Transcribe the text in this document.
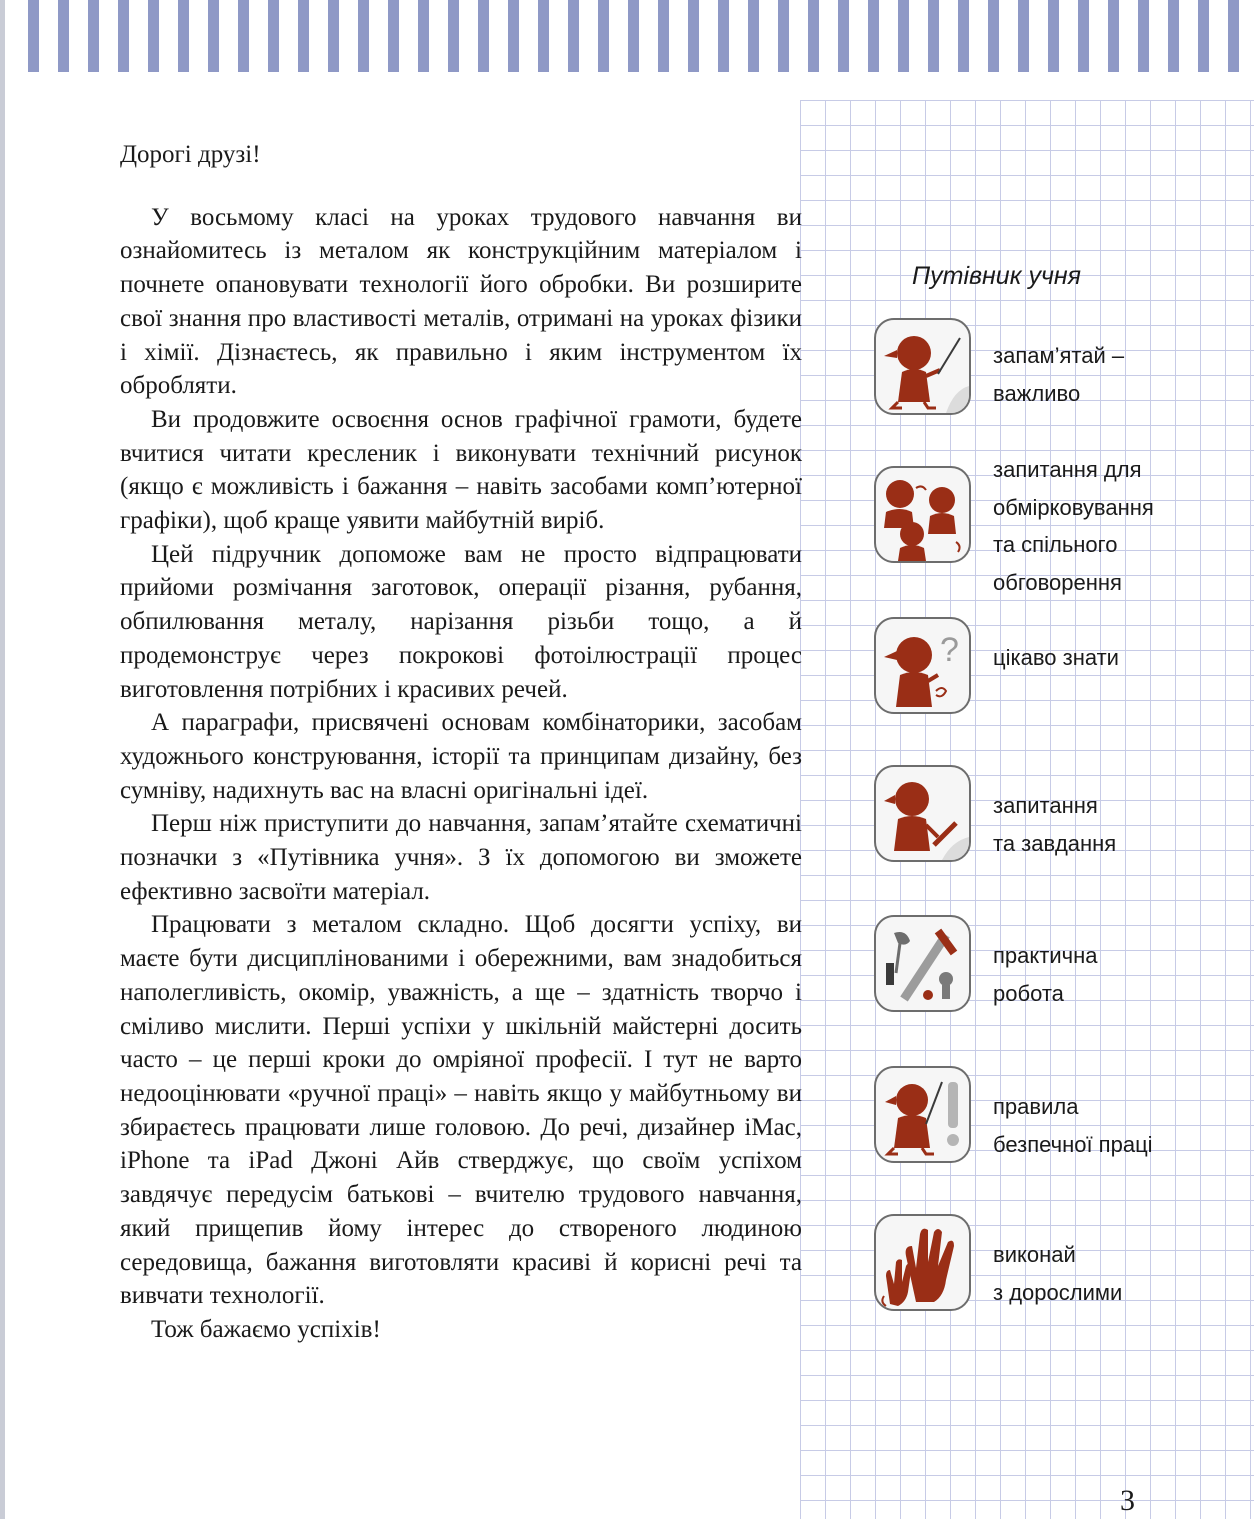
Дорогі друзі!

У восьмому класі на уроках трудового навчання ви ознайомитесь із металом як конструкційним матеріалом і почнете опановувати технології його обробки. Ви розширите свої знання про властивості металів, отримані на уроках фізики і хімії. Дізнаєтесь, як правильно і яким інструментом їх обробляти.

Ви продовжите освоєння основ графічної грамоти, будете вчитися читати кресленик і виконувати технічний рисунок (якщо є можливість і бажання – навіть засобами комп’ютерної графіки), щоб краще уявити майбутній виріб.

Цей підручник допоможе вам не просто відпрацювати прийоми розмічання заготовок, операції різання, рубання, обпилювання металу, нарізання різьби тощо, а й продемонструє через покрокові фотоілюстрації процес виготовлення потрібних і красивих речей.

А параграфи, присвячені основам комбінаторики, засобам художнього конструювання, історії та принципам дизайну, без сумніву, надихнуть вас на власні оригінальні ідеї.

Перш ніж приступити до навчання, запам’ятайте схематичні позначки з «Путівника учня». З їх допомогою ви зможете ефективно засвоїти матеріал.

Працювати з металом складно. Щоб досягти успіху, ви маєте бути дисциплінованими і обережними, вам знадобиться наполегливість, окомір, уважність, а ще – здатність творчо і сміливо мислити. Перші успіхи у шкільній майстерні досить часто – це перші кроки до омріяної професії. І тут не варто недооцінювати «ручної праці» – навіть якщо у майбутньому ви збираєтесь працювати лише головою. До речі, дизайнер iMac, iPhone та iPad Джоні Айв стверджує, що своїм успіхом завдячує передусім батькові – вчителю трудового навчання, який прищепив йому інтерес до створеного людиною середовища, бажання виготовляти красиві й корисні речі та вивчати технології.

Тож бажаємо успіхів!

Путівник учня
запам’ятай –
важливо
запитання для
обмірковування
та спільного
обговорення
? цікаво знати
запитання
та завдання
практична
робота
правила
безпечної праці
виконай
з дорослими
3
